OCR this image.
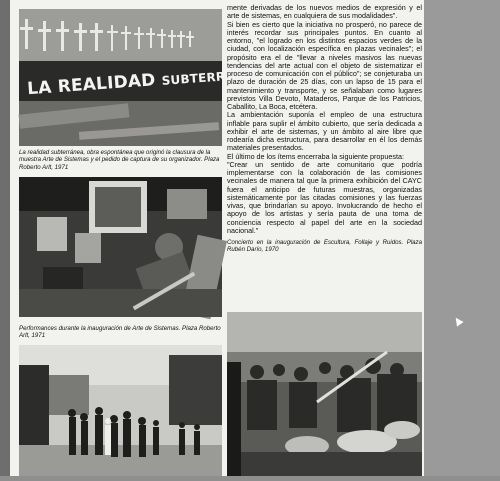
LA REALIDAD SUBTERRANEA
La realidad subterránea, obra espontánea que originó la clausura de la muestra Arte de Sistemas y el pedido de captura de su organizador. Plaza Roberto Arlt, 1971
Performances durante la inauguración de Arte de Sistemas. Plaza Roberto Arlt, 1971

mente derivadas de los nuevos medios de expresión y el arte de sistemas, en cualquiera de sus modalidades".

Si bien es cierto que la iniciativa no prosperó, no parece de interés recordar sus principales puntos. En cuanto al entorno, "el logrado en los distintos espacios verdes de la ciudad, con localización específica en plazas vecinales"; el propósito era el de "llevar a niveles masivos las nuevas tendencias del arte actual con el objeto de sistematizar el proceso de comunicación con el público"; se conjeturaba un plazo de duración de 25 días, con un lapso de 15 para el mantenimiento y transporte, y se señalaban como lugares previstos Villa Devoto, Mataderos, Parque de los Patricios, Caballito, La Boca, etcétera.

La ambientación suponía el empleo de una estructura inflable para suplir el ámbito cubierto, que sería dedicada a exhibir el arte de sistemas, y un ámbito al aire libre que rodearía dicha estructura, para desarrollar en él los demás materiales presentados.

El último de los ítems encerraba la siguiente propuesta:

"Crear un sentido de arte comunitario que podría implementarse con la colaboración de las comisiones vecinales de manera tal que la primera exhibición del CAYC fuera el anticipo de futuras muestras, organizadas sistemáticamente por las citadas comisiones y las fuerzas vivas, que brindarían su apoyo. Involucrando de hecho el apoyo de los artistas y sería pauta de una toma de conciencia respecto al papel del arte en la sociedad nacional."

Concierto en la inauguración de Escultura, Follaje y Ruidos. Plaza Rubén Darío, 1970
